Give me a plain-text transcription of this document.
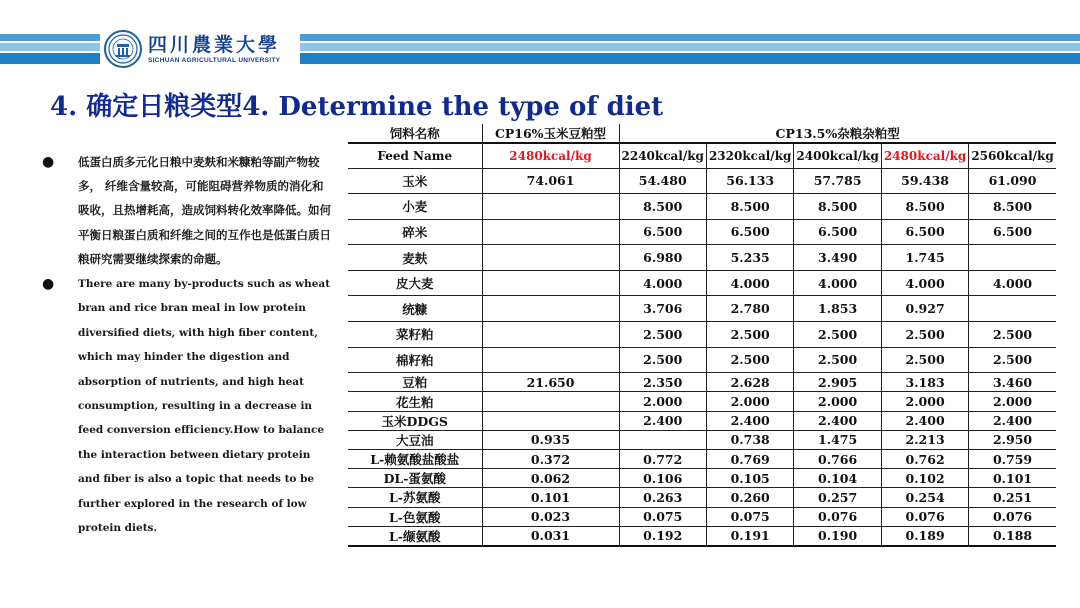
四川農業大學
SICHUAN AGRICULTURAL UNIVERSITY
4. 确定日粮类型4. Determine the type of diet
●	低蛋白质多元化日粮中麦麸和米糠粕等副产物较多， 纤维含量较高，可能阻碍营养物质的消化和吸收，且热增耗高，造成饲料转化效率降低。如何平衡日粮蛋白质和纤维之间的互作也是低蛋白质日粮研究需要继续探索的命题。
●	There are many by-products such as wheat bran and rice bran meal in low protein diversified diets, with high fiber content, which may hinder the digestion and absorption of nutrients, and high heat consumption, resulting in a decrease in feed conversion efficiency.How to balance the interaction between dietary protein and fiber is also a topic that needs to be further explored in the research of low protein diets.
饲料名称	CP16%玉米豆粕型	CP13.5%杂粮杂粕型				
Feed Name	2480kcal/kg	2240kcal/kg	2320kcal/kg	2400kcal/kg	2480kcal/kg	2560kcal/kg
玉米	74.061	54.480	56.133	57.785	59.438	61.090
小麦		8.500	8.500	8.500	8.500	8.500
碎米		6.500	6.500	6.500	6.500	6.500
麦麸		6.980	5.235	3.490	1.745	
皮大麦		4.000	4.000	4.000	4.000	4.000
统糠		3.706	2.780	1.853	0.927	
菜籽粕		2.500	2.500	2.500	2.500	2.500
棉籽粕		2.500	2.500	2.500	2.500	2.500
豆粕	21.650	2.350	2.628	2.905	3.183	3.460
花生粕		2.000	2.000	2.000	2.000	2.000
玉米DDGS		2.400	2.400	2.400	2.400	2.400
大豆油	0.935		0.738	1.475	2.213	2.950
L-赖氨酸盐酸盐	0.372	0.772	0.769	0.766	0.762	0.759
DL-蛋氨酸	0.062	0.106	0.105	0.104	0.102	0.101
L-苏氨酸	0.101	0.263	0.260	0.257	0.254	0.251
L-色氨酸	0.023	0.075	0.075	0.076	0.076	0.076
L-缬氨酸	0.031	0.192	0.191	0.190	0.189	0.188
